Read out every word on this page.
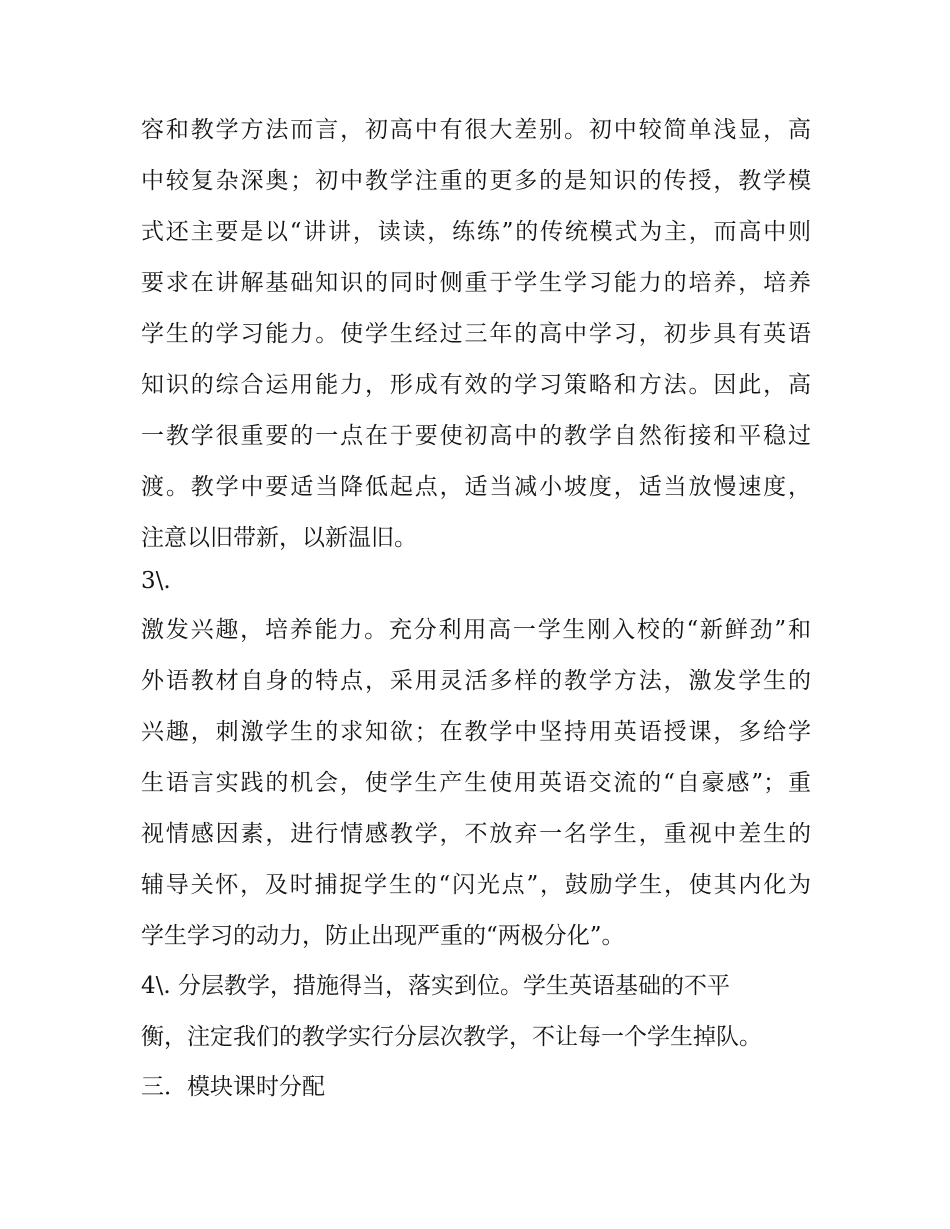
容和教学方法而言，初高中有很大差别。初中较简单浅显，高
中较复杂深奥；初中教学注重的更多的是知识的传授，教学模
式还主要是以“讲讲，读读，练练”的传统模式为主，而高中则
要求在讲解基础知识的同时侧重于学生学习能力的培养，培养
学生的学习能力。使学生经过三年的高中学习，初步具有英语
知识的综合运用能力，形成有效的学习策略和方法。因此，高
一教学很重要的一点在于要使初高中的教学自然衔接和平稳过
渡。教学中要适当降低起点，适当减小坡度，适当放慢速度，
注意以旧带新，以新温旧。
3\.
激发兴趣，培养能力。充分利用高一学生刚入校的“新鲜劲”和
外语教材自身的特点，采用灵活多样的教学方法，激发学生的
兴趣，刺激学生的求知欲；在教学中坚持用英语授课，多给学
生语言实践的机会，使学生产生使用英语交流的“自豪感”；重
视情感因素，进行情感教学，不放弃一名学生，重视中差生的
辅导关怀，及时捕捉学生的“闪光点”，鼓励学生，使其内化为
学生学习的动力，防止出现严重的“两极分化”。
4\. 分层教学，措施得当，落实到位。学生英语基础的不平
衡，注定我们的教学实行分层次教学，不让每一个学生掉队。
三．模块课时分配
